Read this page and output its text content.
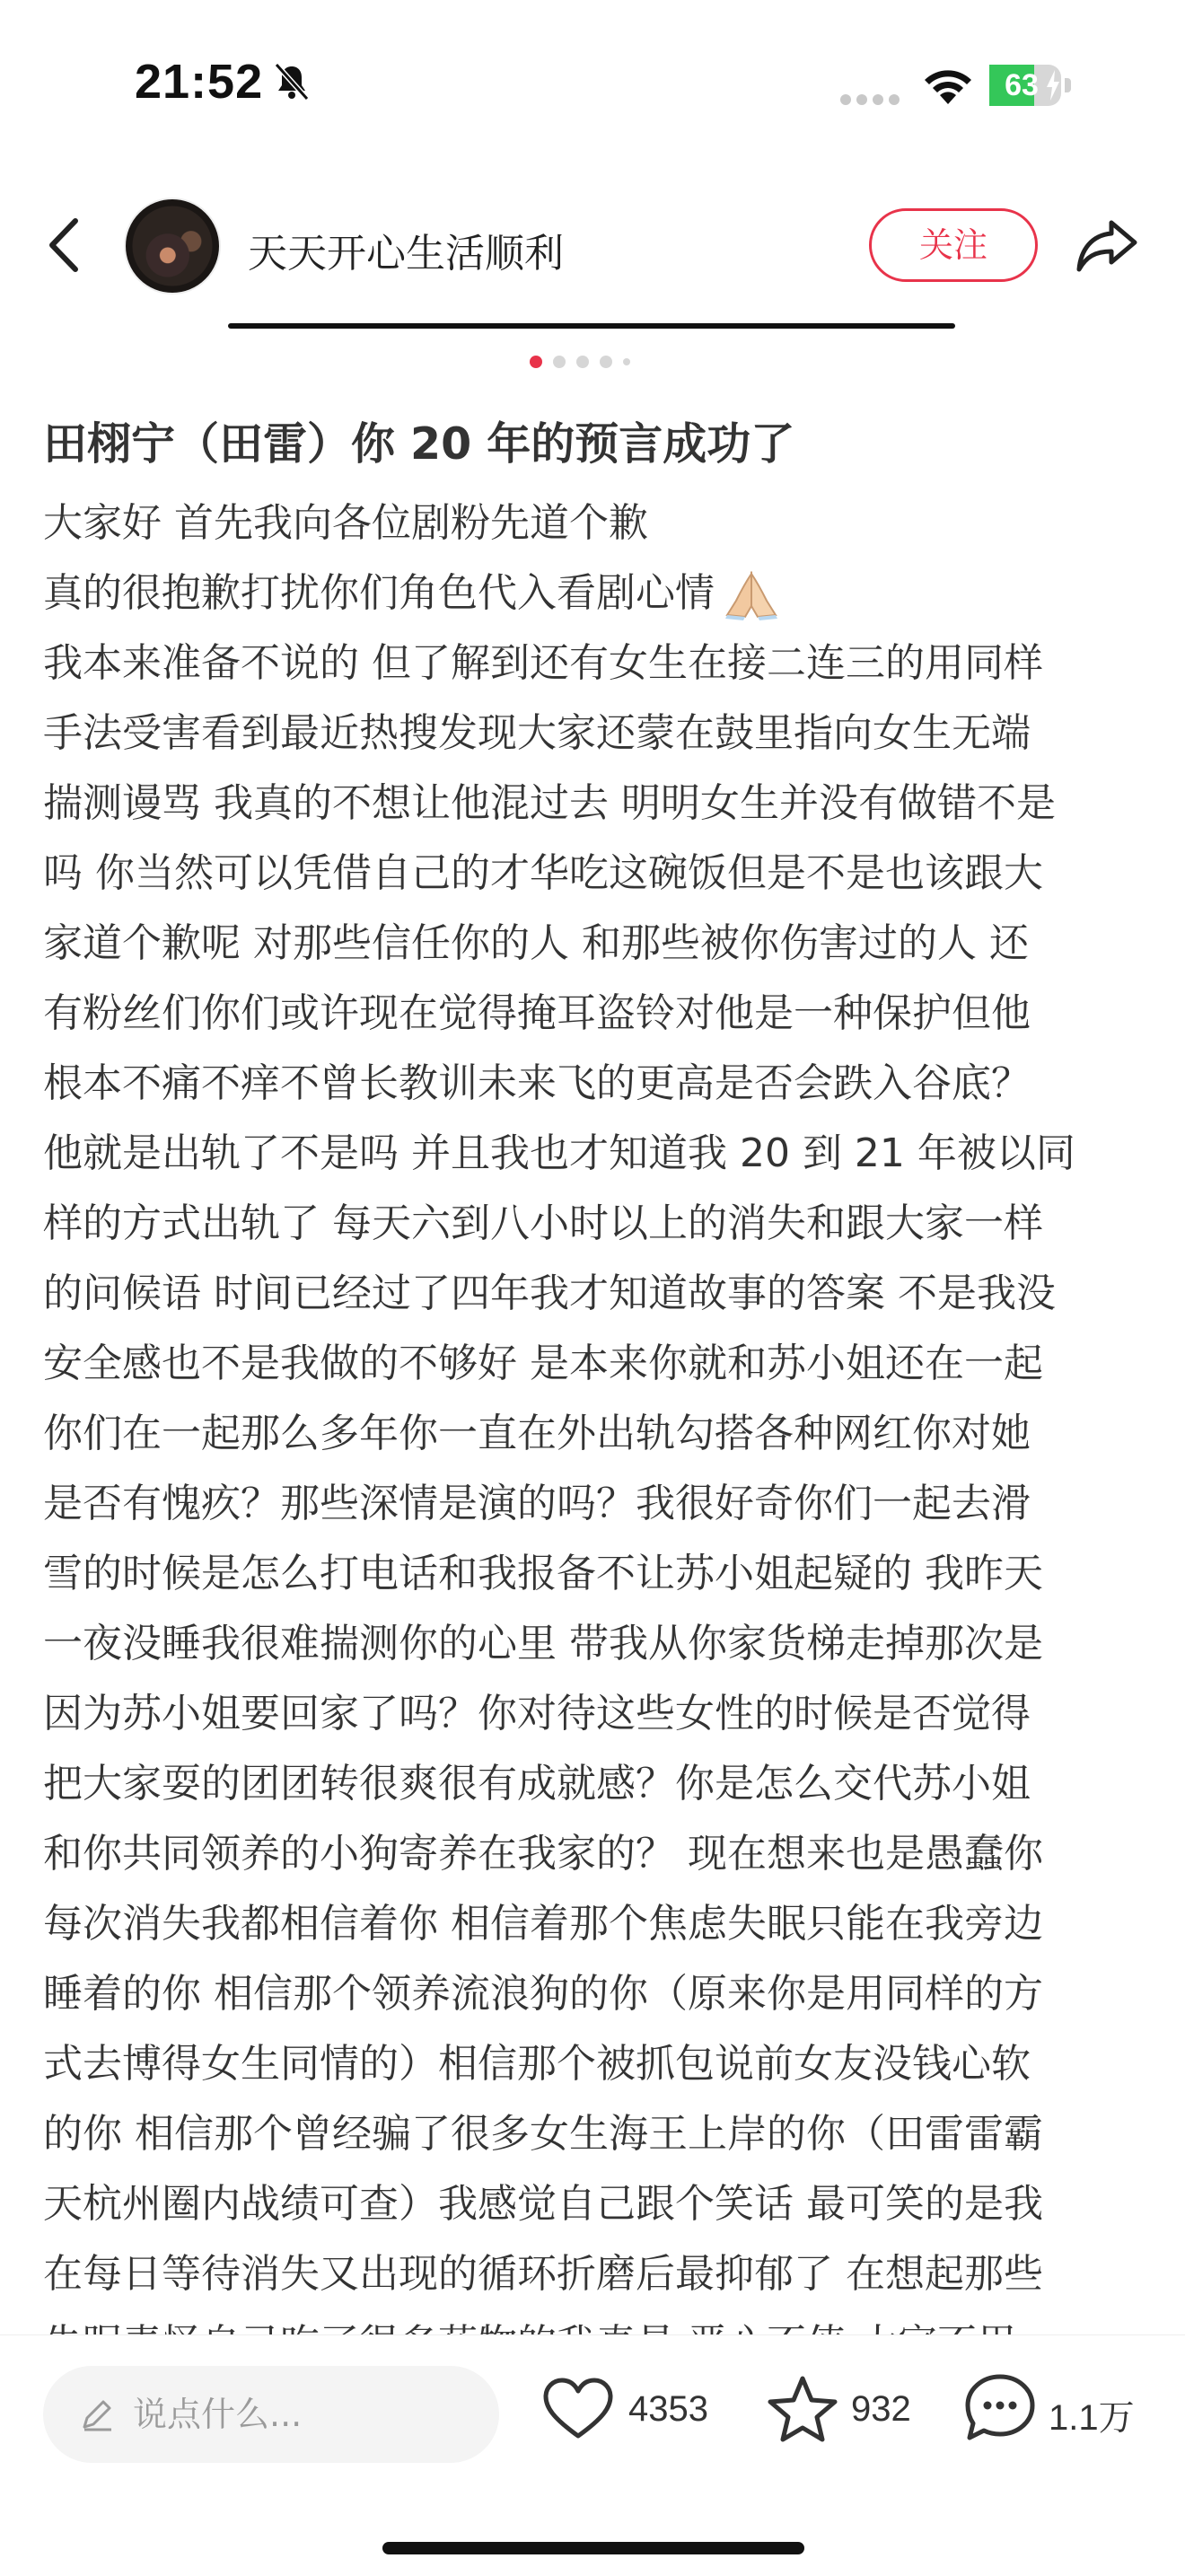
21:52	63
天天开心生活顺利	关注
田栩宁（田雷）你 20 年的预言成功了
大家好 首先我向各位剧粉先道个歉
真的很抱歉打扰你们角色代入看剧心情
我本来准备不说的 但了解到还有女生在接二连三的用同样
手法受害看到最近热搜发现大家还蒙在鼓里指向女生无端
揣测谩骂 我真的不想让他混过去 明明女生并没有做错不是
吗 你当然可以凭借自己的才华吃这碗饭但是不是也该跟大
家道个歉呢 对那些信任你的人 和那些被你伤害过的人 还
有粉丝们你们或许现在觉得掩耳盗铃对他是一种保护但他
根本不痛不痒不曾长教训未来飞的更高是否会跌入谷底？
他就是出轨了不是吗 并且我也才知道我 20 到 21 年被以同
样的方式出轨了 每天六到八小时以上的消失和跟大家一样
的问候语 时间已经过了四年我才知道故事的答案 不是我没
安全感也不是我做的不够好 是本来你就和苏小姐还在一起
你们在一起那么多年你一直在外出轨勾搭各种网红你对她
是否有愧疚？那些深情是演的吗？我很好奇你们一起去滑
雪的时候是怎么打电话和我报备不让苏小姐起疑的 我昨天
一夜没睡我很难揣测你的心里 带我从你家货梯走掉那次是
因为苏小姐要回家了吗？你对待这些女性的时候是否觉得
把大家耍的团团转很爽很有成就感？你是怎么交代苏小姐
和你共同领养的小狗寄养在我家的？ 现在想来也是愚蠢你
每次消失我都相信着你 相信着那个焦虑失眠只能在我旁边
睡着的你 相信那个领养流浪狗的你（原来你是用同样的方
式去博得女生同情的）相信那个被抓包说前女友没钱心软
的你 相信那个曾经骗了很多女生海王上岸的你（田雷雷霸
天杭州圈内战绩可查）我感觉自己跟个笑话 最可笑的是我
在每日等待消失又出现的循环折磨后最抑郁了 在想起那些
说点什么...	4353	932	1.1万
